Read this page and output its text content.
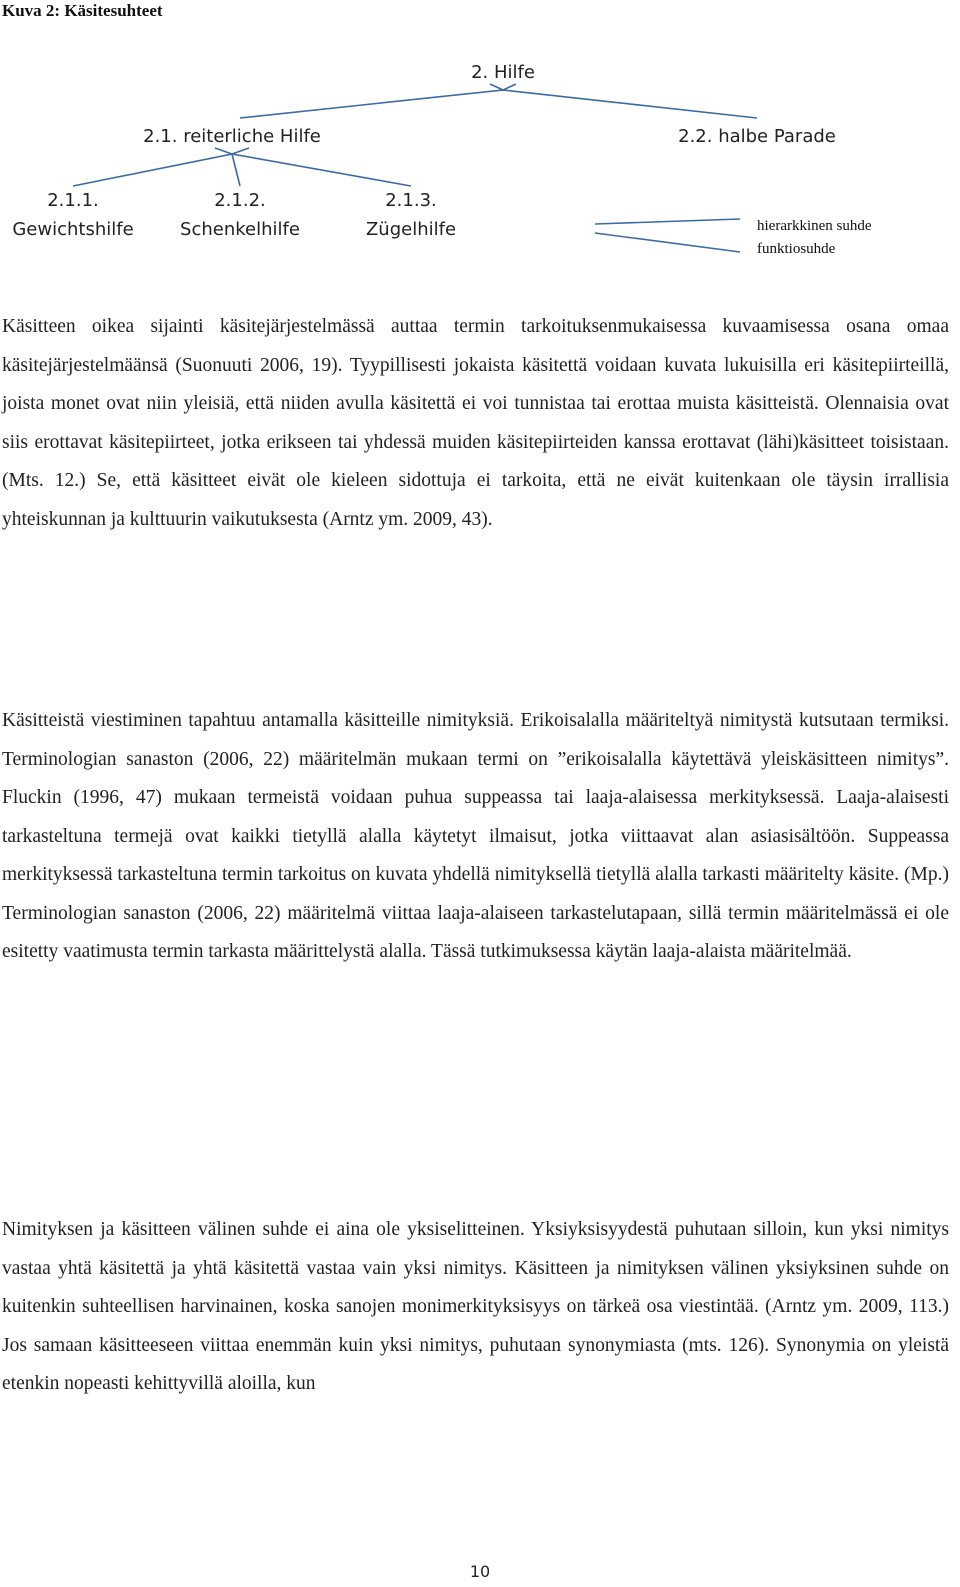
Kuva 2: Käsitesuhteet
2. Hilfe
2.1. reiterliche Hilfe	2.2. halbe Parade
2.1.1.
Gewichtshilfe
2.1.2.
Schenkelhilfe
2.1.3.
Zügelhilfe	hierarkkinen suhde
funktiosuhde

Käsitteen oikea sijainti käsitejärjestelmässä auttaa termin tarkoituksenmukaisessa kuvaamisessa osana omaa käsitejärjestelmäänsä (Suonuuti 2006, 19). Tyypillisesti jokaista käsitettä voidaan kuvata lukuisilla eri käsitepiirteillä, joista monet ovat niin yleisiä, että niiden avulla käsitettä ei voi tunnistaa tai erottaa muista käsitteistä. Olennaisia ovat siis erottavat käsitepiirteet, jotka erikseen tai yhdessä muiden käsitepiirteiden kanssa erottavat (lähi)käsitteet toisistaan. (Mts. 12.) Se, että käsitteet eivät ole kieleen sidottuja ei tarkoita, että ne eivät kuitenkaan ole täysin irrallisia yhteiskunnan ja kulttuurin vaikutuksesta (Arntz ym. 2009, 43).

Käsitteistä viestiminen tapahtuu antamalla käsitteille nimityksiä. Erikoisalalla määriteltyä nimitystä kutsutaan termiksi. Terminologian sanaston (2006, 22) määritelmän mukaan termi on ”erikoisalalla käytettävä yleiskäsitteen nimitys”. Fluckin (1996, 47) mukaan termeistä voidaan puhua suppeassa tai laaja-alaisessa merkityksessä. Laaja-alaisesti tarkasteltuna termejä ovat kaikki tietyllä alalla käytetyt ilmaisut, jotka viittaavat alan asiasisältöön. Suppeassa merkityksessä tarkasteltuna termin tarkoitus on kuvata yhdellä nimityksellä tietyllä alalla tarkasti määritelty käsite. (Mp.) Terminologian sanaston (2006, 22) määritelmä viittaa laaja-alaiseen tarkastelutapaan, sillä termin määritelmässä ei ole esitetty vaatimusta termin tarkasta määrittelystä alalla. Tässä tutkimuksessa käytän laaja-alaista määritelmää.

Nimityksen ja käsitteen välinen suhde ei aina ole yksiselitteinen. Yksiyksisyydestä puhutaan silloin, kun yksi nimitys vastaa yhtä käsitettä ja yhtä käsitettä vastaa vain yksi nimitys. Käsitteen ja nimityksen välinen yksiyksinen suhde on kuitenkin suhteellisen harvinainen, koska sanojen monimerkityksisyys on tärkeä osa viestintää. (Arntz ym. 2009, 113.) Jos samaan käsitteeseen viittaa enemmän kuin yksi nimitys, puhutaan synonymiasta (mts. 126). Synonymia on yleistä etenkin nopeasti kehittyvillä aloilla, kun

10
